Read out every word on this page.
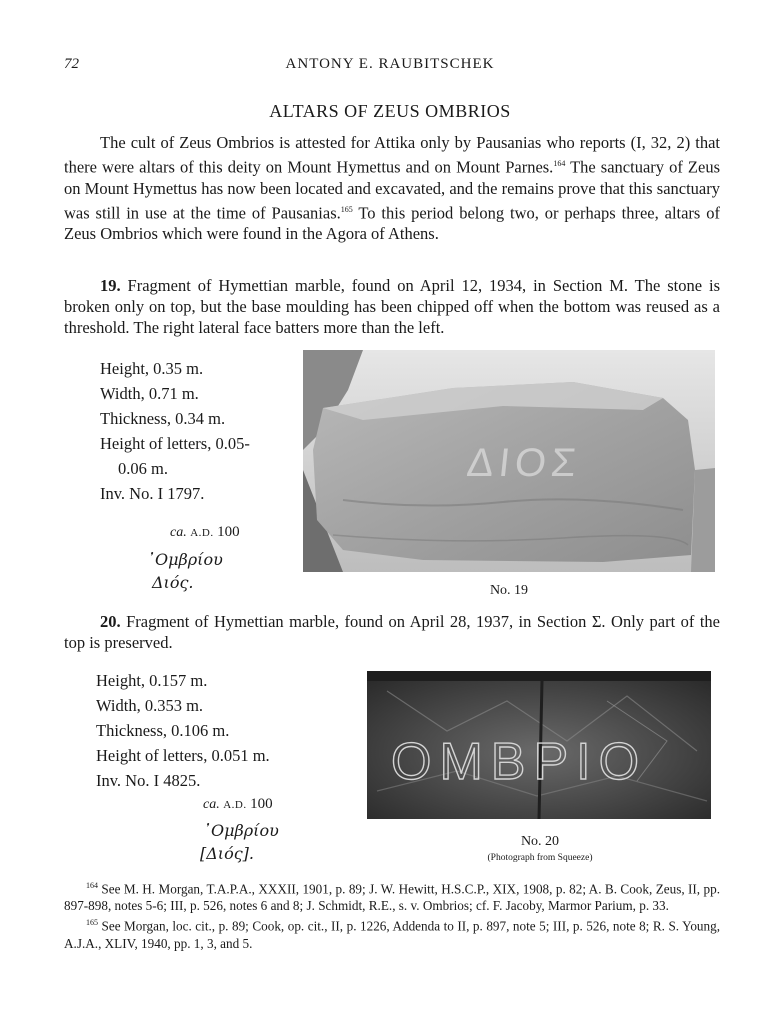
72	ANTONY E. RAUBITSCHEK
ALTARS OF ZEUS OMBRIOS

The cult of Zeus Ombrios is attested for Attika only by Pausanias who reports (I, 32, 2) that there were altars of this deity on Mount Hymettus and on Mount Parnes.$^{164}$ The sanctuary of Zeus on Mount Hymettus has now been located and excavated, and the remains prove that this sanctuary was still in use at the time of Pausanias.$^{165}$ To this period belong two, or perhaps three, altars of Zeus Ombrios which were found in the Agora of Athens.

19. Fragment of Hymettian marble, found on April 12, 1934, in Section M. The stone is broken only on top, but the base moulding has been chipped off when the bottom was reused as a threshold. The right lateral face batters more than the left.

Height, 0.35 m.
Width, 0.71 m.
Thickness, 0.34 m.
Height of letters, 0.05-
0.06 m.
Inv. No. I 1797.
ca. A.D. 100
᾿Ομβρίου
Διός.
ΔΙΟΣ
No. 19

20. Fragment of Hymettian marble, found on April 28, 1937, in Section Σ. Only part of the top is preserved.

Height, 0.157 m.
Width, 0.353 m.
Thickness, 0.106 m.
Height of letters, 0.051 m.
Inv. No. I 4825.
ca. A.D. 100
᾿Ομβρίου
[Διός].
ΟΜΒΡΙΟ
No. 20
(Photograph from Squeeze)

$^{164}$ See M. H. Morgan, T.A.P.A., XXXII, 1901, p. 89; J. W. Hewitt, H.S.C.P., XIX, 1908, p. 82; A. B. Cook, Zeus, II, pp. 897-898, notes 5-6; III, p. 526, notes 6 and 8; J. Schmidt, R.E., s. v. Ombrios; cf. F. Jacoby, Marmor Parium, p. 33.

$^{165}$ See Morgan, loc. cit., p. 89; Cook, op. cit., II, p. 1226, Addenda to II, p. 897, note 5; III, p. 526, note 8; R. S. Young, A.J.A., XLIV, 1940, pp. 1, 3, and 5.
